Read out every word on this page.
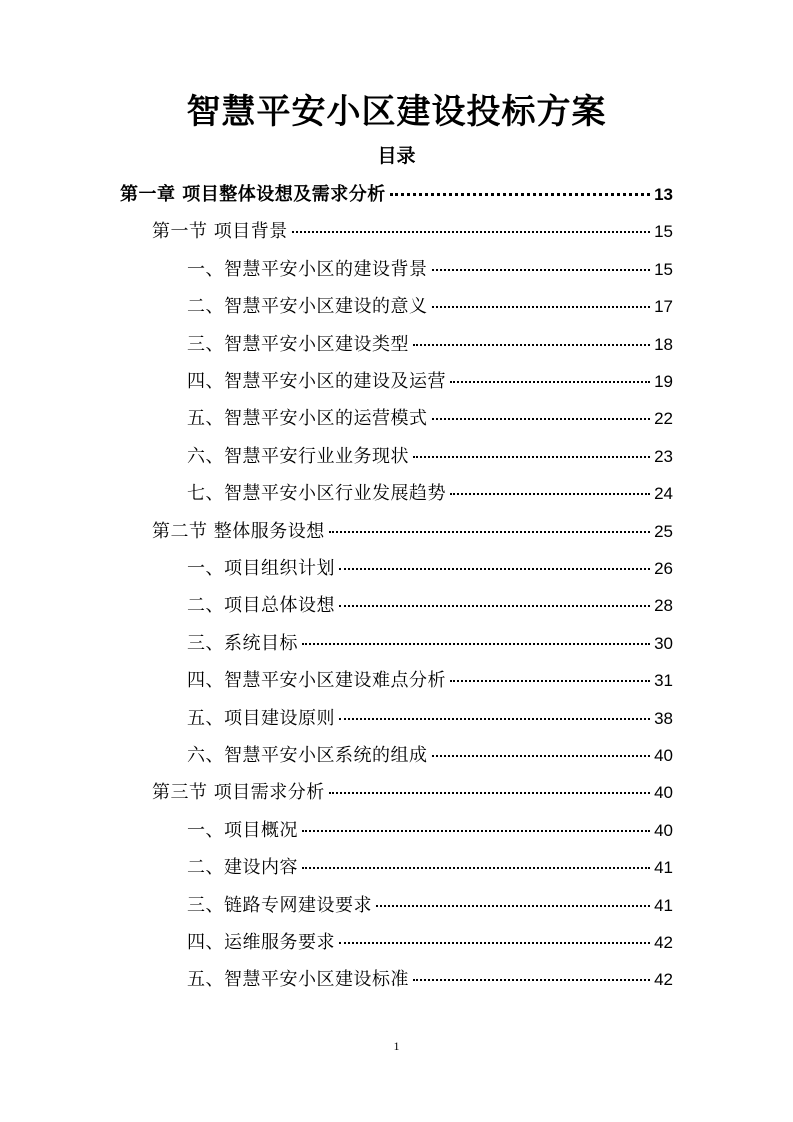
智慧平安小区建设投标方案
目录
第一章 项目整体设想及需求分析	13
第一节 项目背景	15
一、智慧平安小区的建设背景	15
二、智慧平安小区建设的意义	17
三、智慧平安小区建设类型	18
四、智慧平安小区的建设及运营	19
五、智慧平安小区的运营模式	22
六、智慧平安行业业务现状	23
七、智慧平安小区行业发展趋势	24
第二节 整体服务设想	25
一、项目组织计划	26
二、项目总体设想	28
三、系统目标	30
四、智慧平安小区建设难点分析	31
五、项目建设原则	38
六、智慧平安小区系统的组成	40
第三节 项目需求分析	40
一、项目概况	40
二、建设内容	41
三、链路专网建设要求	41
四、运维服务要求	42
五、智慧平安小区建设标准	42
1
